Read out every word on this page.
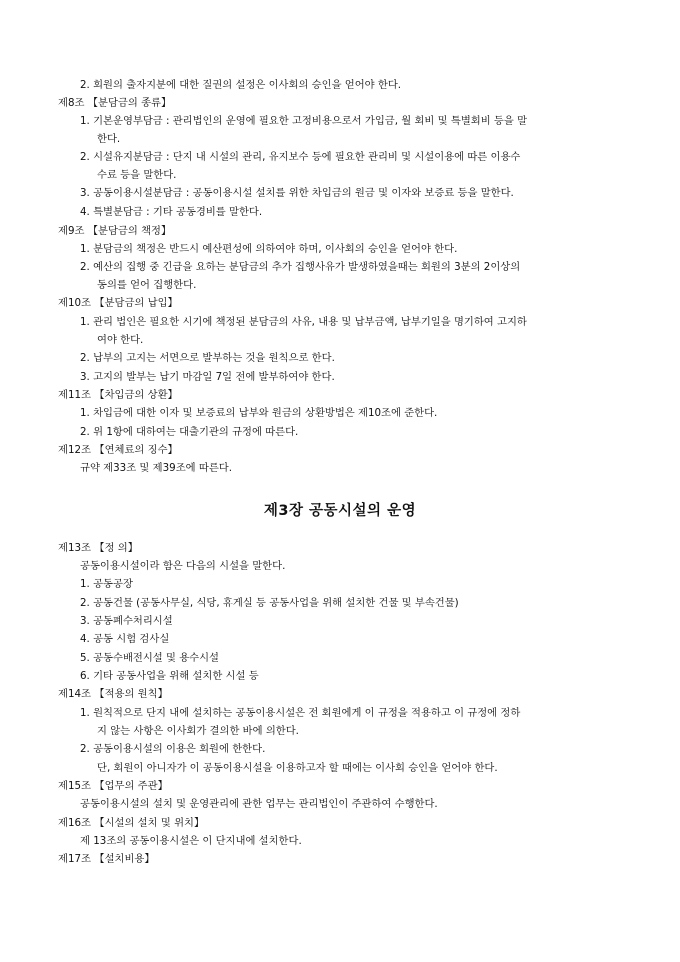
2. 회원의 출자지분에 대한 질권의 설정은 이사회의 승인을 얻어야 한다.
제8조 【분담금의 종류】
1. 기본운영부담금 : 관리법인의 운영에 필요한 고정비용으로서 가입금, 월 회비 및 특별회비 등을 말
한다.
2. 시설유지분담금 : 단지 내 시설의 관리, 유지보수 등에 필요한 관리비 및 시설이용에 따른 이용수
수료 등을 말한다.
3. 공동이용시설분담금 : 공동이용시설 설치를 위한 차입금의 원금 및 이자와 보증료 등을 말한다.
4. 특별분담금 : 기타 공동경비를 말한다.
제9조 【분담금의 책정】
1. 분담금의 책정은 반드시 예산편성에 의하여야 하며, 이사회의 승인을 얻어야 한다.
2. 예산의 집행 중 긴급을 요하는 분담금의 추가 집행사유가 발생하였을때는 회원의 3분의 2이상의
동의를 얻어 집행한다.
제10조 【분담금의 납입】
1. 관리 법인은 필요한 시기에 책정된 분담금의 사유, 내용 및 납부금액, 납부기일을 명기하여 고지하
여야 한다.
2. 납부의 고지는 서면으로 발부하는 것을 원칙으로 한다.
3. 고지의 발부는 납기 마감일 7일 전에 발부하여야 한다.
제11조 【차입금의 상환】
1. 차입금에 대한 이자 및 보증료의 납부와 원금의 상환방법은 제10조에 준한다.
2. 위 1항에 대하여는 대출기관의 규정에 따른다.
제12조 【연체료의 징수】
규약 제33조 및 제39조에 따른다.
제3장 공동시설의 운영
제13조 【정 의】
공동이용시설이라 함은 다음의 시설을 말한다.
1. 공동공장
2. 공동건물 (공동사무실, 식당, 휴게실 등 공동사업을 위해 설치한 건물 및 부속건물)
3. 공동폐수처리시설
4. 공동 시험 검사실
5. 공동수배전시설 및 용수시설
6. 기타 공동사업을 위해 설치한 시설 등
제14조 【적용의 원칙】
1. 원칙적으로 단지 내에 설치하는 공동이용시설은 전 회원에게 이 규정을 적용하고 이 규정에 정하
지 않는 사항은 이사회가 결의한 바에 의한다.
2. 공동이용시설의 이용은 회원에 한한다.
단, 회원이 아니자가 이 공동이용시설을 이용하고자 할 때에는 이사회 승인을 얻어야 한다.
제15조 【업무의 주관】
공동이용시설의 설치 및 운영관리에 관한 업무는 관리법인이 주관하여 수행한다.
제16조 【시설의 설치 및 위치】
제 13조의 공동이용시설은 이 단지내에 설치한다.
제17조 【설치비용】
